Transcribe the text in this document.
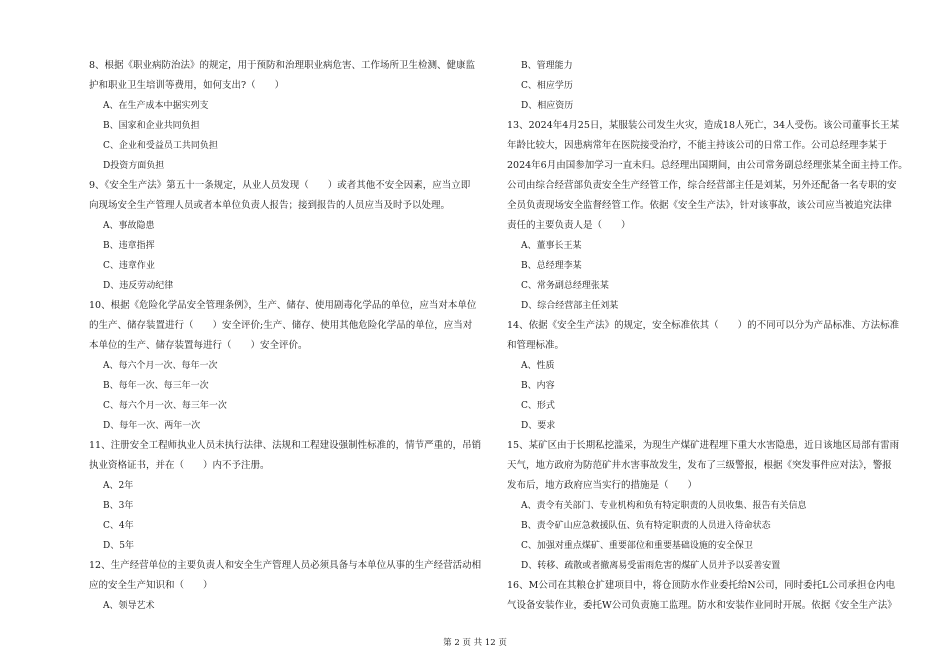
8、根据《职业病防治法》的规定，用于预防和治理职业病危害、工作场所卫生检测、健康监

护和职业卫生培训等费用，如何支出?（　　）

A、在生产成本中据实列支

B、国家和企业共同负担

C、企业和受益员工共同负担

D投资方面负担

9、《安全生产法》第五十一条规定，从业人员发现（　　）或者其他不安全因素，应当立即

向现场安全生产管理人员或者本单位负责人报告；接到报告的人员应当及时予以处理。

A、事故隐患

B、违章指挥

C、违章作业

D、违反劳动纪律

10、根据《危险化学品安全管理条例》，生产、储存、使用剧毒化学品的单位，应当对本单位

的生产、储存装置进行（　　）安全评价;生产、储存、使用其他危险化学品的单位，应当对

本单位的生产、储存装置每进行（　　）安全评价。

A、每六个月一次、每年一次

B、每年一次、每三年一次

C、每六个月一次、每三年一次

D、每年一次、两年一次

11、注册安全工程师执业人员未执行法律、法规和工程建设强制性标准的，情节严重的，吊销

执业资格证书，并在（　　）内不予注册。

A、2年

B、3年

C、4年

D、5年

12、生产经营单位的主要负责人和安全生产管理人员必须具备与本单位从事的生产经营活动相

应的安全生产知识和（　　）

A、领导艺术

B、管理能力

C、相应学历

D、相应资历

13、2024年4月25日，某服装公司发生火灾，造成18人死亡，34人受伤。该公司董事长王某

年龄比较大，因患病常年在医院接受治疗，不能主持该公司的日常工作。公司总经理李某于

2024年6月由国参加学习一直未归。总经理出国期间，由公司常务副总经理张某全面主持工作。

公司由综合经营部负责安全生产经管工作，综合经营部主任是刘某，另外还配备一名专职的安

全员负责现场安全监督经管工作。依据《安全生产法》，针对该事故，该公司应当被追究法律

责任的主要负责人是（　　）

A、董事长王某

B、总经理李某

C、常务副总经理张某

D、综合经营部主任刘某

14、依据《安全生产法》的规定，安全标准依其（　　）的不同可以分为产品标准、方法标准

和管理标准。

A、性质

B、内容

C、形式

D、要求

15、某矿区由于长期私挖滥采，为现生产煤矿进程埋下重大水害隐患，近日该地区局部有雷雨

天气，地方政府为防范矿井水害事故发生，发布了三级警报，根据《突发事件应对法》，警报

发布后，地方政府应当实行的措施是（　　）

A、责令有关部门、专业机构和负有特定职责的人员收集、报告有关信息

B、责令矿山应急救援队伍、负有特定职责的人员进入待命状态

C、加强对重点煤矿、重要部位和重要基础设施的安全保卫

D、转移、疏散或者撤离易受雷雨危害的煤矿人员并予以妥善安置

16、M公司在其粮仓扩建项目中，将仓顶防水作业委托给N公司，同时委托L公司承担仓内电

气设备安装作业，委托W公司负责施工监理。防水和安装作业同时开展。依据《安全生产法》

第 2 页 共 12 页
